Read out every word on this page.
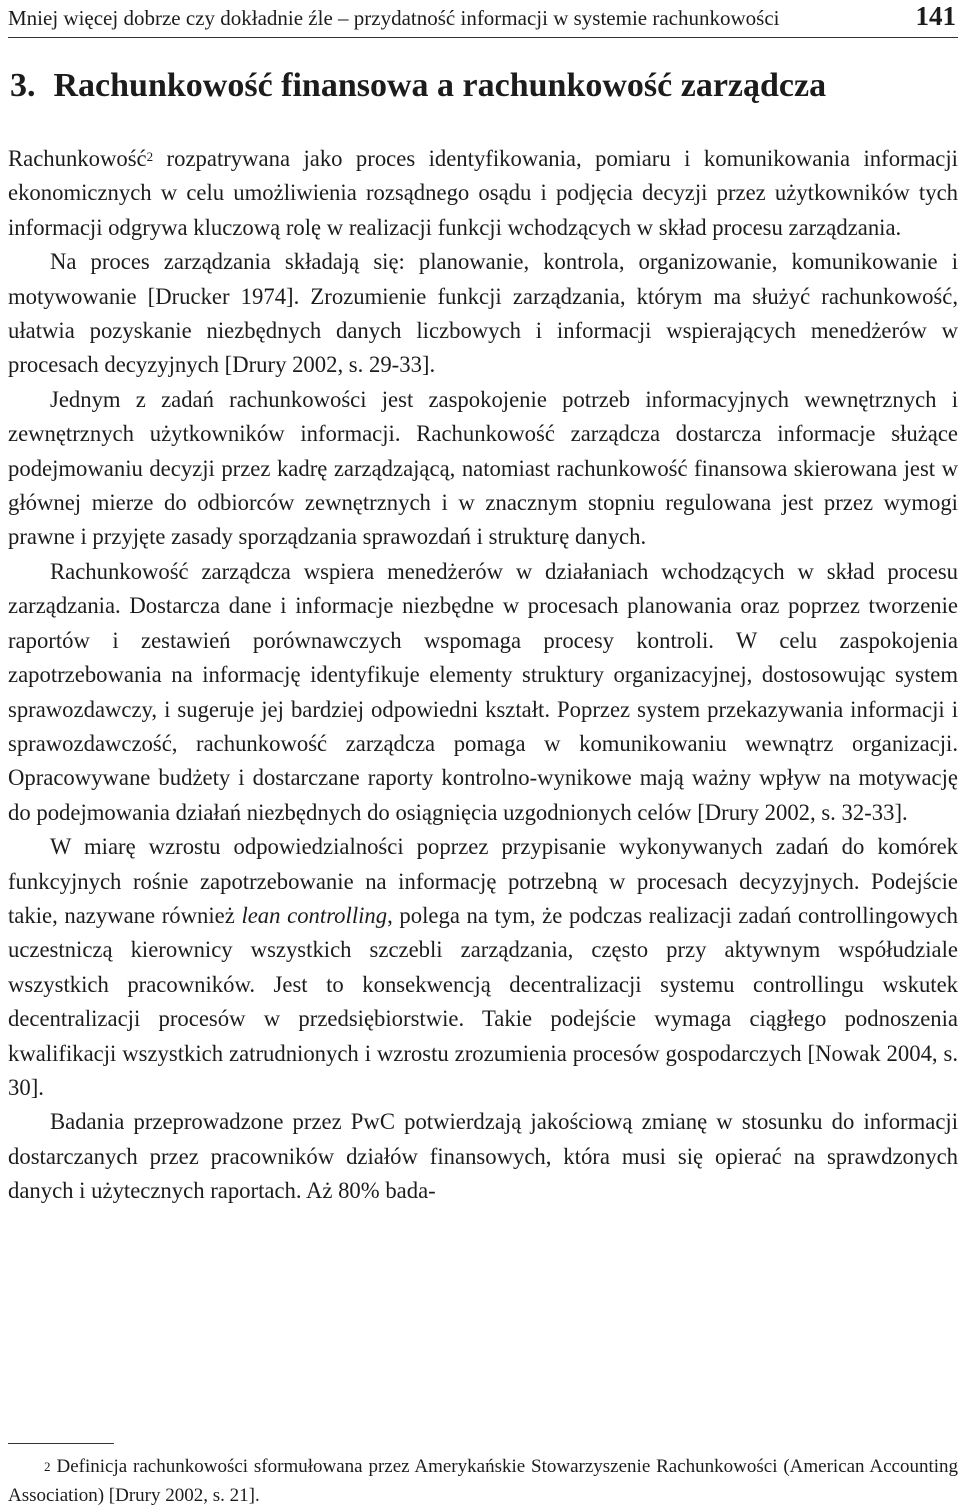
Mniej więcej dobrze czy dokładnie źle – przydatność informacji w systemie rachunkowości	141
3. Rachunkowość finansowa a rachunkowość zarządcza

Rachunkowość$^2$ rozpatrywana jako proces identyfikowania, pomiaru i komunikowania informacji ekonomicznych w celu umożliwienia rozsądnego osądu i podjęcia decyzji przez użytkowników tych informacji odgrywa kluczową rolę w realizacji funkcji wchodzących w skład procesu zarządzania.

Na proces zarządzania składają się: planowanie, kontrola, organizowanie, komunikowanie i motywowanie [Drucker 1974]. Zrozumienie funkcji zarządzania, którym ma służyć rachunkowość, ułatwia pozyskanie niezbędnych danych liczbowych i informacji wspierających menedżerów w procesach decyzyjnych [Drury 2002, s. 29-33].

Jednym z zadań rachunkowości jest zaspokojenie potrzeb informacyjnych wewnętrznych i zewnętrznych użytkowników informacji. Rachunkowość zarządcza dostarcza informacje służące podejmowaniu decyzji przez kadrę zarządzającą, natomiast rachunkowość finansowa skierowana jest w głównej mierze do odbiorców zewnętrznych i w znacznym stopniu regulowana jest przez wymogi prawne i przyjęte zasady sporządzania sprawozdań i strukturę danych.

Rachunkowość zarządcza wspiera menedżerów w działaniach wchodzących w skład procesu zarządzania. Dostarcza dane i informacje niezbędne w procesach planowania oraz poprzez tworzenie raportów i zestawień porównawczych wspomaga procesy kontroli. W celu zaspokojenia zapotrzebowania na informację identyfikuje elementy struktury organizacyjnej, dostosowując system sprawozdawczy, i sugeruje jej bardziej odpowiedni kształt. Poprzez system przekazywania informacji i sprawozdawczość, rachunkowość zarządcza pomaga w komunikowaniu wewnątrz organizacji. Opracowywane budżety i dostarczane raporty kontrolno-wynikowe mają ważny wpływ na motywację do podejmowania działań niezbędnych do osiągnięcia uzgodnionych celów [Drury 2002, s. 32-33].

W miarę wzrostu odpowiedzialności poprzez przypisanie wykonywanych zadań do komórek funkcyjnych rośnie zapotrzebowanie na informację potrzebną w procesach decyzyjnych. Podejście takie, nazywane również lean controlling, polega na tym, że podczas realizacji zadań controllingowych uczestniczą kierownicy wszystkich szczebli zarządzania, często przy aktywnym współudziale wszystkich pracowników. Jest to konsekwencją decentralizacji systemu controllingu wskutek decentralizacji procesów w przedsiębiorstwie. Takie podejście wymaga ciągłego podnoszenia kwalifikacji wszystkich zatrudnionych i wzrostu zrozumienia procesów gospodarczych [Nowak 2004, s. 30].

Badania przeprowadzone przez PwC potwierdzają jakościową zmianę w stosunku do informacji dostarczanych przez pracowników działów finansowych, która musi się opierać na sprawdzonych danych i użytecznych raportach. Aż 80% bada-

$^2$ Definicja rachunkowości sformułowana przez Amerykańskie Stowarzyszenie Rachunkowości (American Accounting Association) [Drury 2002, s. 21].
